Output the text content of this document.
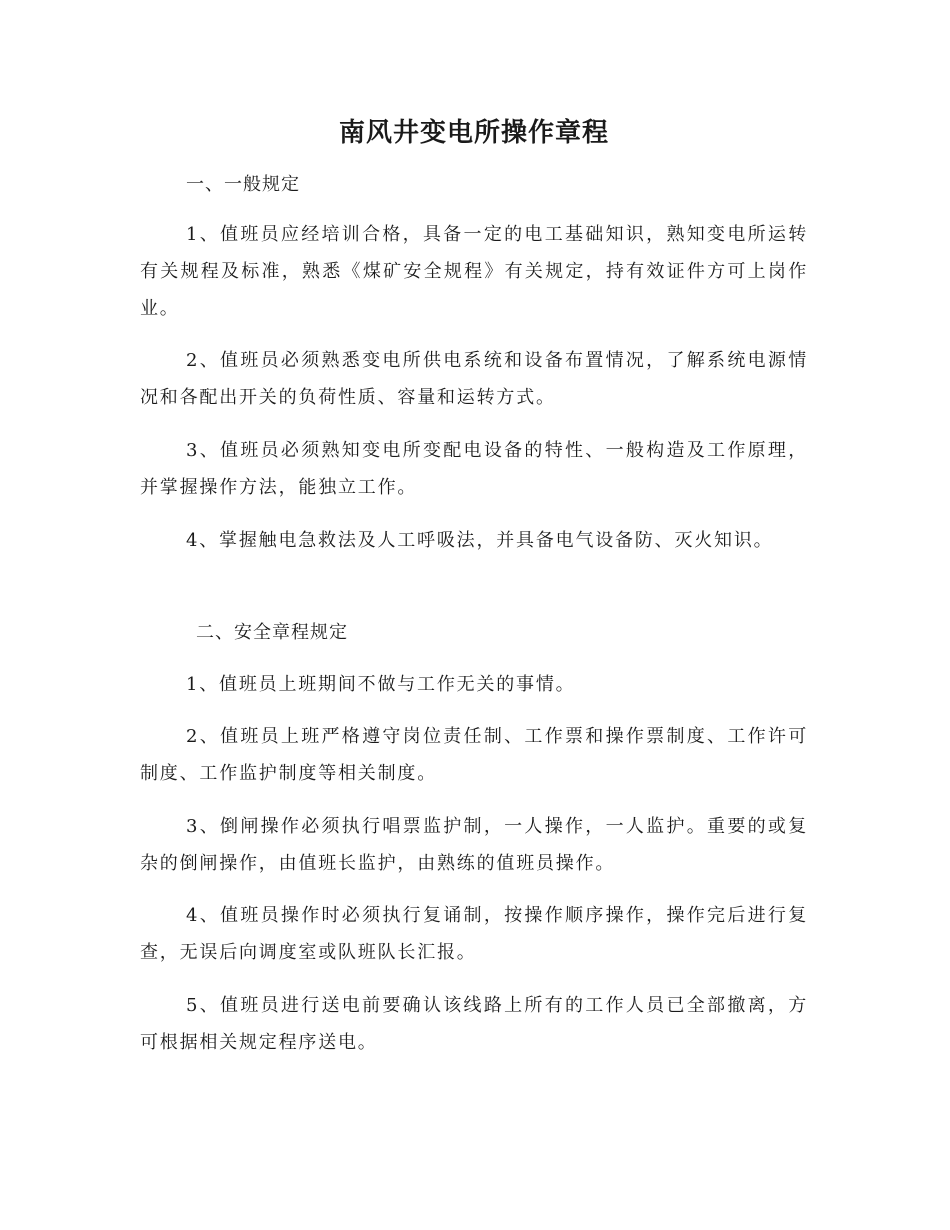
南风井变电所操作章程
一、一般规定

1、值班员应经培训合格，具备一定的电工基础知识，熟知变电所运转有关规程及标准，熟悉《煤矿安全规程》有关规定，持有效证件方可上岗作业。

2、值班员必须熟悉变电所供电系统和设备布置情况，了解系统电源情况和各配出开关的负荷性质、容量和运转方式。

3、值班员必须熟知变电所变配电设备的特性、一般构造及工作原理，并掌握操作方法，能独立工作。

4、掌握触电急救法及人工呼吸法，并具备电气设备防、灭火知识。

二、安全章程规定

1、值班员上班期间不做与工作无关的事情。

2、值班员上班严格遵守岗位责任制、工作票和操作票制度、工作许可制度、工作监护制度等相关制度。

3、倒闸操作必须执行唱票监护制，一人操作，一人监护。重要的或复杂的倒闸操作，由值班长监护，由熟练的值班员操作。

4、值班员操作时必须执行复诵制，按操作顺序操作，操作完后进行复查，无误后向调度室或队班队长汇报。

5、值班员进行送电前要确认该线路上所有的工作人员已全部撤离，方可根据相关规定程序送电。
